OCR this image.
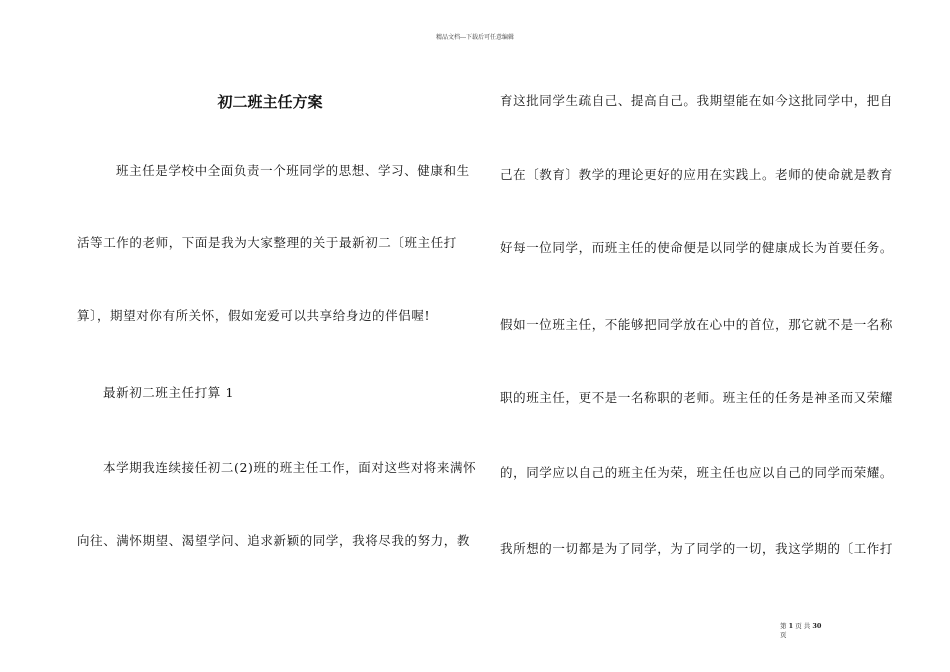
精品文档---下载后可任意编辑
初二班主任方案
班主任是学校中全面负责一个班同学的思想、学习、健康和生
活等工作的老师，下面是我为大家整理的关于最新初二〔班主任打
算〕，期望对你有所关怀，假如宠爱可以共享给身边的伴侣喔!
最新初二班主任打算 1
本学期我连续接任初二(2)班的班主任工作，面对这些对将来满怀
向往、满怀期望、渴望学问、追求新颖的同学，我将尽我的努力，教
育这批同学生疏自己、提高自己。我期望能在如今这批同学中，把自
己在〔教育〕教学的理论更好的应用在实践上。老师的使命就是教育
好每一位同学，而班主任的使命便是以同学的健康成长为首要任务。
假如一位班主任，不能够把同学放在心中的首位，那它就不是一名称
职的班主任，更不是一名称职的老师。班主任的任务是神圣而又荣耀
的，同学应以自己的班主任为荣，班主任也应以自己的同学而荣耀。
我所想的一切都是为了同学，为了同学的一切，我这学期的〔工作打
第 1 页 共 30
页
